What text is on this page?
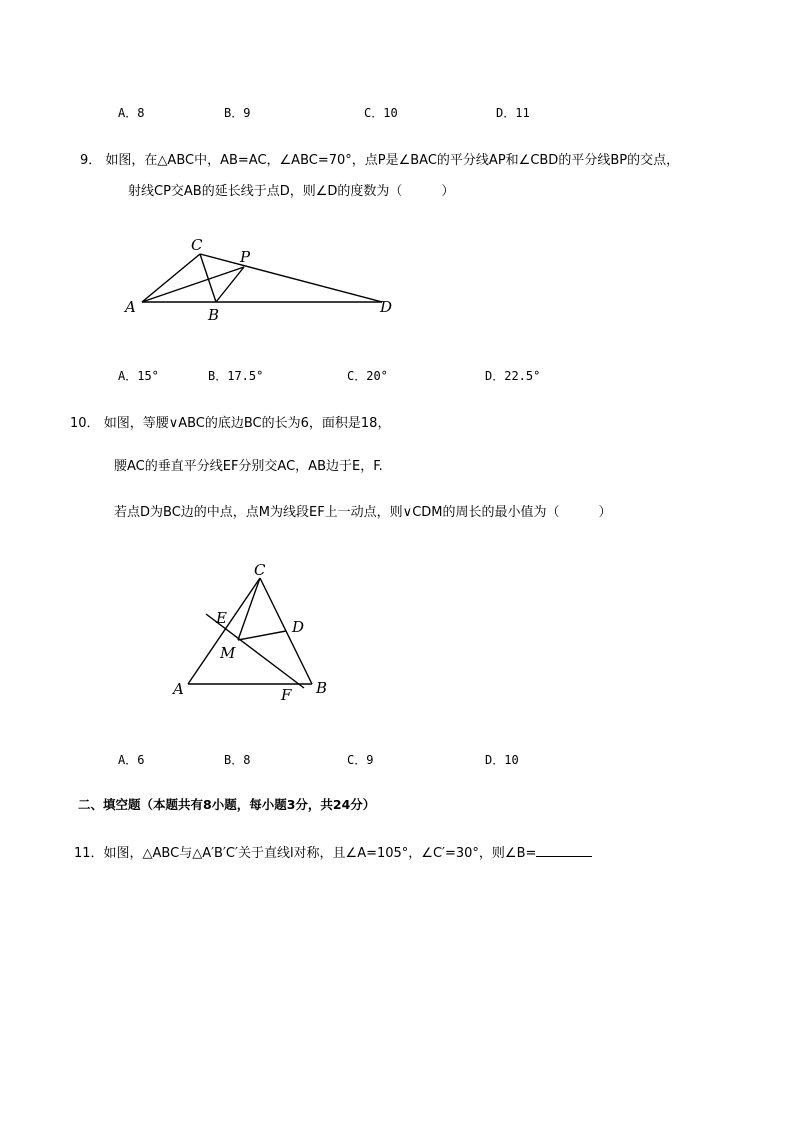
A．8	B．9	C．10	D．11
9． 如图，在△ABC中，AB=AC，∠ABC=70°，点P是∠BAC的平分线AP和∠CBD的平分线BP的交点，
射线CP交AB的延长线于点D，则∠D的度数为（　　　）
C
P
A	B	D
A．15°	B．17.5°	C．20°	D．22.5°
10． 如图，等腰∨ABC的底边BC的长为6，面积是18，
腰AC的垂直平分线EF分别交AC，AB边于E，F.
若点D为BC边的中点，点M为线段EF上一动点，则∨CDM的周长的最小值为（　　　）
C
E	D
M
A	F B
A．6	B．8	C．9	D．10
二、填空题（本题共有8小题，每小题3分，共24分）
11．如图，△ABC与△A′B′C′关于直线l对称，且∠A=105°，∠C′=30°，则∠B=
